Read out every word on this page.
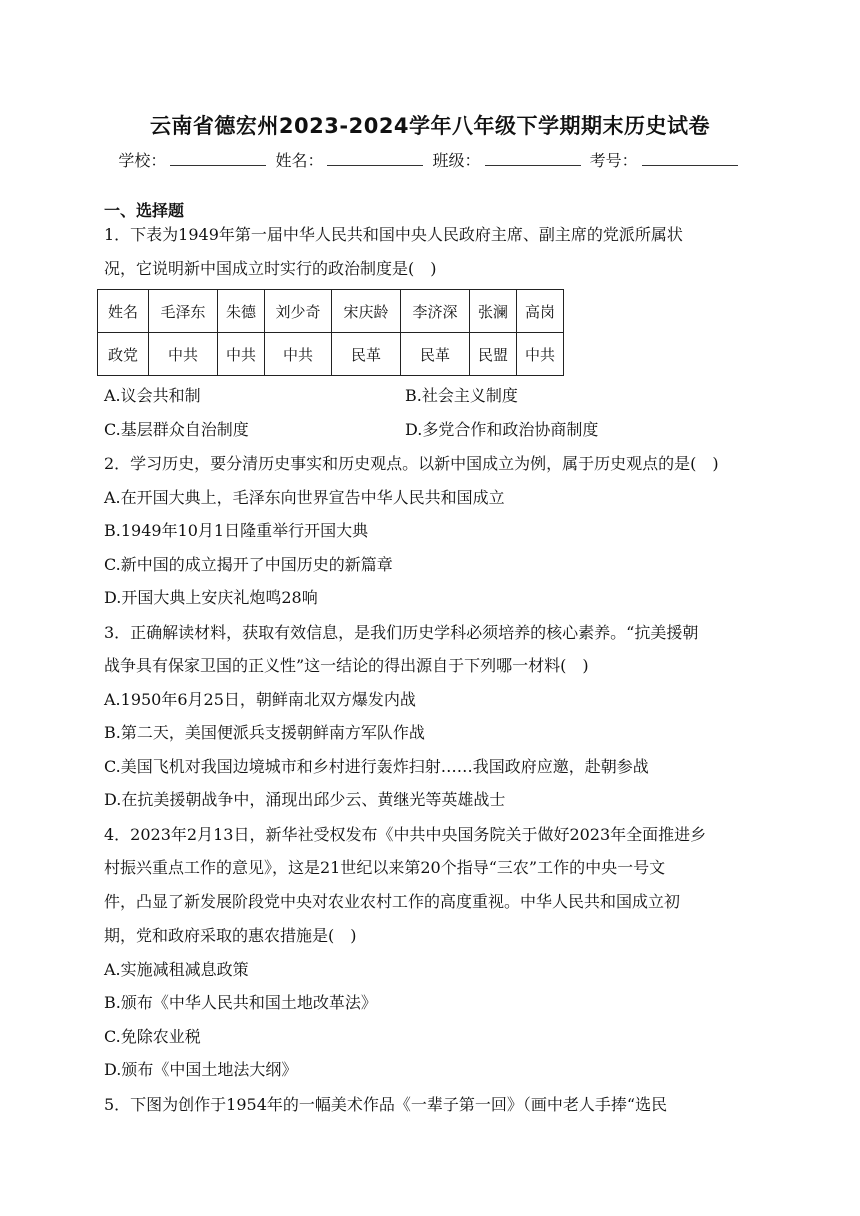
云南省德宏州2023-2024学年八年级下学期期末历史试卷
学校：	姓名：	班级：	考号：
一、选择题
1．下表为1949年第一届中华人民共和国中央人民政府主席、副主席的党派所属状
况，它说明新中国成立时实行的政治制度是(　)
姓名	毛泽东	朱德	刘少奇	宋庆龄	李济深	张澜	高岗
政党	中共	中共	中共	民革	民革	民盟	中共
A.议会共和制	B.社会主义制度
C.基层群众自治制度	D.多党合作和政治协商制度
2．学习历史，要分清历史事实和历史观点。以新中国成立为例，属于历史观点的是(　)
A.在开国大典上，毛泽东向世界宣告中华人民共和国成立
B.1949年10月1日隆重举行开国大典
C.新中国的成立揭开了中国历史的新篇章
D.开国大典上安庆礼炮鸣28响
3．正确解读材料，获取有效信息，是我们历史学科必须培养的核心素养。“抗美援朝
战争具有保家卫国的正义性”这一结论的得出源自于下列哪一材料(　)
A.1950年6月25日，朝鲜南北双方爆发内战
B.第二天，美国便派兵支援朝鲜南方军队作战
C.美国飞机对我国边境城市和乡村进行轰炸扫射……我国政府应邀，赴朝参战
D.在抗美援朝战争中，涌现出邱少云、黄继光等英雄战士
4．2023年2月13日，新华社受权发布《中共中央国务院关于做好2023年全面推进乡
村振兴重点工作的意见》，这是21世纪以来第20个指导“三农”工作的中央一号文
件，凸显了新发展阶段党中央对农业农村工作的高度重视。中华人民共和国成立初
期，党和政府采取的惠农措施是(　)
A.实施减租减息政策
B.颁布《中华人民共和国土地改革法》
C.免除农业税
D.颁布《中国土地法大纲》
5．下图为创作于1954年的一幅美术作品《一辈子第一回》（画中老人手捧“选民
